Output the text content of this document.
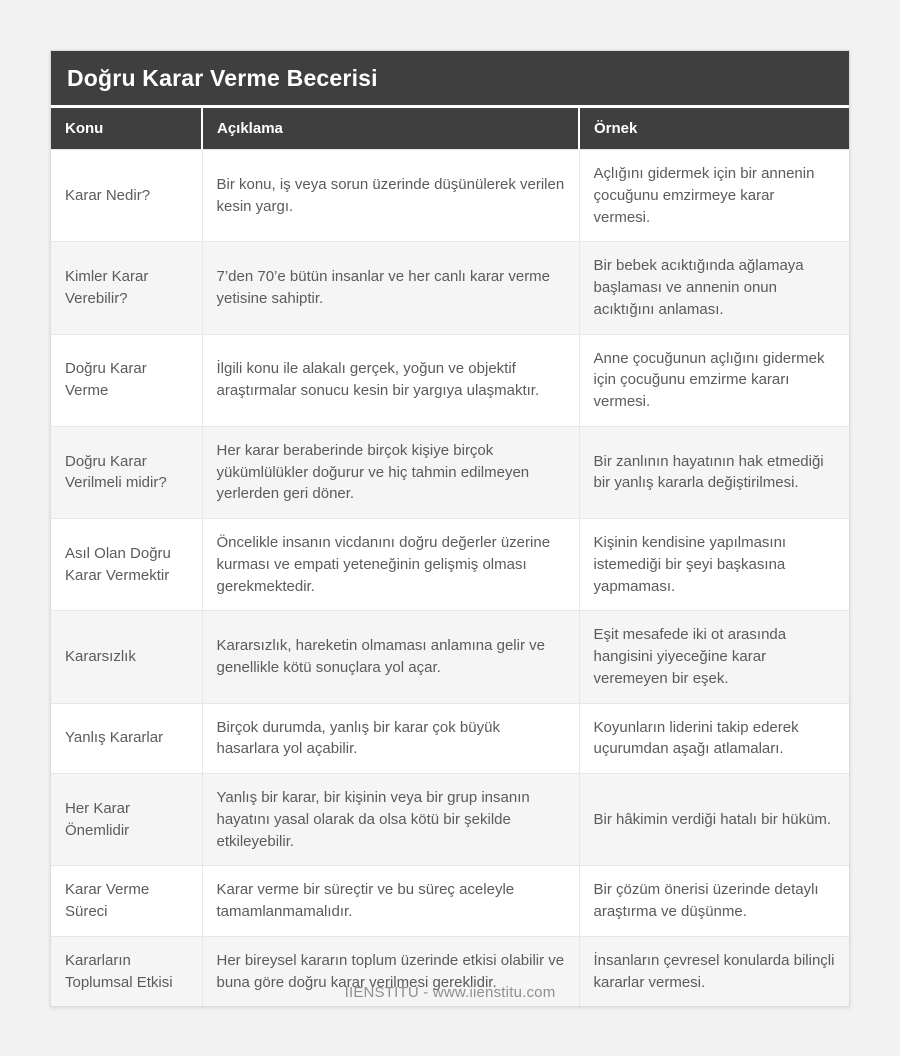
Doğru Karar Verme Becerisi
Konu	Açıklama	Örnek
Karar Nedir?	Bir konu, iş veya sorun üzerinde düşünülerek verilen kesin yargı.	Açlığını gidermek için bir annenin çocuğunu emzirmeye karar vermesi.
Kimler Karar Verebilir?	7’den 70’e bütün insanlar ve her canlı karar verme yetisine sahiptir.	Bir bebek acıktığında ağlamaya başlaması ve annenin onun acıktığını anlaması.
Doğru Karar Verme	İlgili konu ile alakalı gerçek, yoğun ve objektif araştırmalar sonucu kesin bir yargıya ulaşmaktır.	Anne çocuğunun açlığını gidermek için çocuğunu emzirme kararı vermesi.
Doğru Karar Verilmeli midir?	Her karar beraberinde birçok kişiye birçok yükümlülükler doğurur ve hiç tahmin edilmeyen yerlerden geri döner.	Bir zanlının hayatının hak etmediği bir yanlış kararla değiştirilmesi.
Asıl Olan Doğru Karar Vermektir	Öncelikle insanın vicdanını doğru değerler üzerine kurması ve empati yeteneğinin gelişmiş olması gerekmektedir.	Kişinin kendisine yapılmasını istemediği bir şeyi başkasına yapmaması.
Kararsızlık	Kararsızlık, hareketin olmaması anlamına gelir ve genellikle kötü sonuçlara yol açar.	Eşit mesafede iki ot arasında hangisini yiyeceğine karar veremeyen bir eşek.
Yanlış Kararlar	Birçok durumda, yanlış bir karar çok büyük hasarlara yol açabilir.	Koyunların liderini takip ederek uçurumdan aşağı atlamaları.
Her Karar Önemlidir	Yanlış bir karar, bir kişinin veya bir grup insanın hayatını yasal olarak da olsa kötü bir şekilde etkileyebilir.	Bir hâkimin verdiği hatalı bir hüküm.
Karar Verme Süreci	Karar verme bir süreçtir ve bu süreç aceleyle tamamlanmamalıdır.	Bir çözüm önerisi üzerinde detaylı araştırma ve düşünme.
Kararların Toplumsal Etkisi	Her bireysel kararın toplum üzerinde etkisi olabilir ve buna göre doğru karar verilmesi gereklidir.	İnsanların çevresel konularda bilinçli kararlar vermesi.
IIENSTITU - www.iienstitu.com
